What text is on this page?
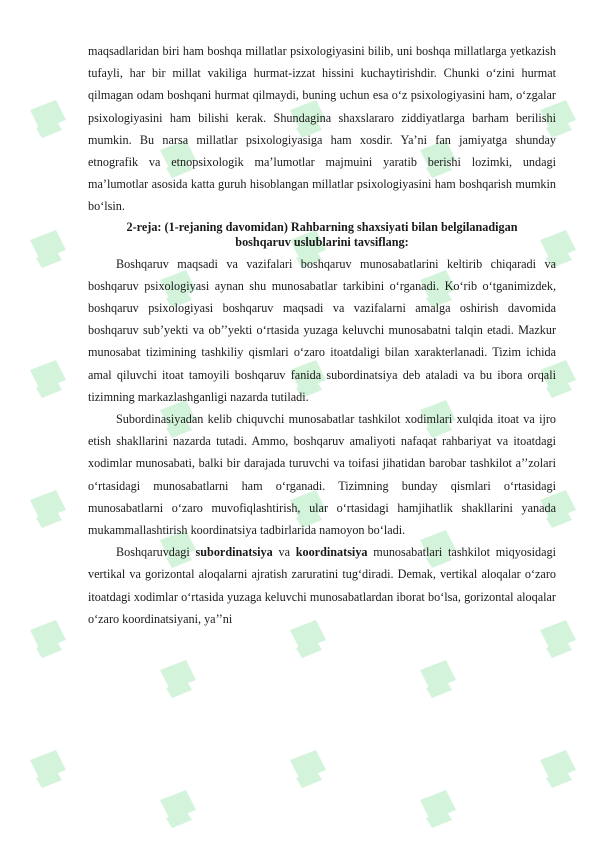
maqsadlaridan biri ham boshqa millatlar psixologiyasini bilib, uni boshqa millatlarga yetkazish tufayli, har bir millat vakiliga hurmat-izzat hissini kuchaytirishdir. Chunki o‘zini hurmat qilmagan odam boshqani hurmat qilmaydi, buning uchun esa o‘z psixologiyasini ham, o‘zgalar psixologiyasini ham bilishi kerak. Shundagina shaxslararo ziddiyatlarga barham berilishi mumkin. Bu narsa millatlar psixologiyasiga ham xosdir. Ya’ni fan jamiyatga shunday etnografik va etnopsixologik ma’lumotlar majmuini yaratib berishi lozimki, undagi ma’lumotlar asosida katta guruh hisoblangan millatlar psixologiyasini ham boshqarish mumkin bo‘lsin.

2-reja: (1-rejaning davomidan) Rahbarning shaxsiyati bilan belgilanadigan
boshqaruv uslublarini tavsiflang:

Boshqaruv maqsadi va vazifalari boshqaruv munosabatlarini keltirib chiqaradi va boshqaruv psixologiyasi aynan shu munosabatlar tarkibini o‘rganadi. Ko‘rib o‘tganimizdek, boshqaruv psixologiyasi boshqaruv maqsadi va vazifalarni amalga oshirish davomida boshqaruv sub’yekti va ob’’yekti o‘rtasida yuzaga keluvchi munosabatni talqin etadi. Mazkur munosabat tizimining tashkiliy qismlari o‘zaro itoatdaligi bilan xarakterlanadi. Tizim ichida amal qiluvchi itoat tamoyili boshqaruv fanida subordinatsiya deb ataladi va bu ibora orqali tizimning markazlashganligi nazarda tutiladi.

Subordinasiyadan kelib chiquvchi munosabatlar tashkilot xodimlari xulqida itoat va ijro etish shakllarini nazarda tutadi. Ammo, boshqaruv amaliyoti nafaqat rahbariyat va itoatdagi xodimlar munosabati, balki bir darajada turuvchi va toifasi jihatidan barobar tashkilot a’’zolari o‘rtasidagi munosabatlarni ham o‘rganadi. Tizimning bunday qismlari o‘rtasidagi munosabatlarni o‘zaro muvofiqlashtirish, ular o‘rtasidagi hamjihatlik shakllarini yanada mukammallashtirish koordinatsiya tadbirlarida namoyon bo‘ladi.

Boshqaruvdagi subordinatsiya va koordinatsiya munosabatlari tashkilot miqyosidagi vertikal va gorizontal aloqalarni ajratish zaruratini tug‘diradi. Demak, vertikal aloqalar o‘zaro itoatdagi xodimlar o‘rtasida yuzaga keluvchi munosabatlardan iborat bo‘lsa, gorizontal aloqalar o‘zaro koordinatsiyani, ya’’ni
